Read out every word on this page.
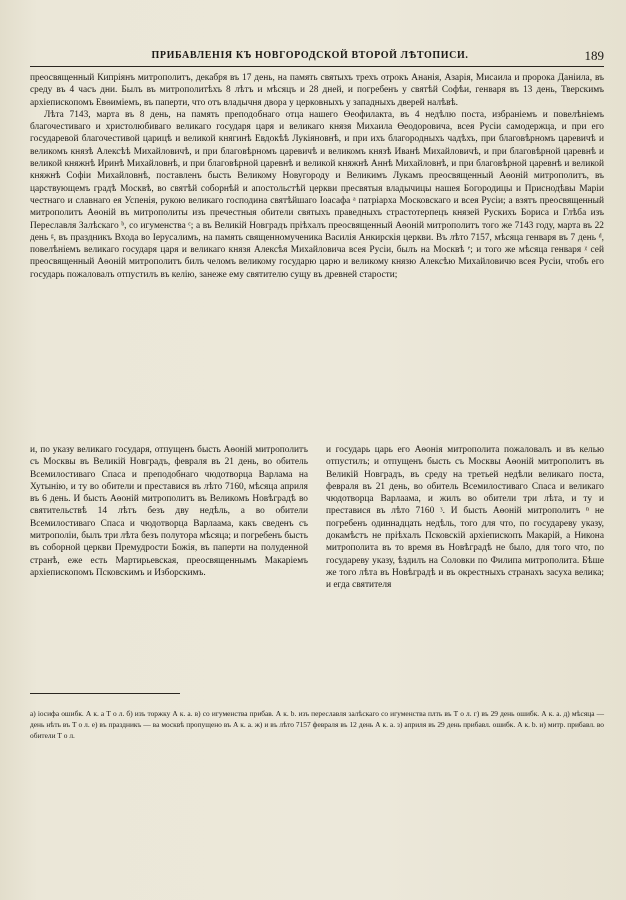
ПРИБАВЛЕНІЯ КЪ НОВГОРОДСКОЙ ВТОРОЙ ЛѢТОПИСИ.	189

преосвященный Кипріянъ митрополитъ, декабря въ 17 день, на память святыхъ трехъ отрокъ Ананія, Азарія, Мисаила и пророка Даніила, въ среду въ 4 часъ дни. Былъ въ митрополитѣхъ 8 лѣтъ и мѣсяцъ и 28 дней, и погребенъ у святѣй Софѣи, генваря въ 13 день, Тверскимъ архіепископомъ Евѳиміемъ, въ паперти, что отъ владычня двора у церковныхъ у западныхъ дверей налѣвѣ.

Лѣта 7143, марта въ 8 день, на память преподобнаго отца нашего Ѳеофилакта, въ 4 недѣлю поста, избраніемъ и повелѣніемъ благочестиваго и христолюбиваго великаго государя царя и великаго князя Михаила Ѳеодоровича, всея Русіи самодержца, и при его государевой благочестивой царицѣ и великой княгинѣ Евдокѣѣ Лукіяновнѣ, и при ихъ благородныхъ чадѣхъ, при благовѣрномъ царевичѣ и великомъ князѣ Алексѣѣ Михайловичѣ, и при благовѣрномъ царевичѣ и великомъ князѣ Иванѣ Михайловичѣ, и при благовѣрной царевнѣ и великой княжнѣ Иринѣ Михайловнѣ, и при благовѣрной царевнѣ и великой княжнѣ Аннѣ Михайловнѣ, и при благовѣрной царевнѣ и великой княжнѣ Софіи Михайловнѣ, поставленъ бысть Великому Новугороду и Великимъ Лукамъ преосвященный Аѳоній митрополитъ, въ царствующемъ градѣ Москвѣ, во святѣй соборнѣй и апостольстѣй церкви пресвятыя владычицы нашея Богородицы и Приснодѣвы Маріи честнаго и славнаго ея Успенія, рукою великаго господина святѣйшаго Іоасафа ᵃ патріарха Московскаго и всея Русіи; а взятъ преосвященный митрополитъ Аѳоній въ митрополиты изъ пречестныя обители святыхъ праведныхъ страстотерпецъ князей Рускихъ Бориса и Глѣба изъ Переславля Залѣскаго ᵇ, со игуменства ᶜ; а въ Великій Новградъ пріѣхалъ преосвященный Аѳоній митрополитъ того же 7143 году, марта въ 22 день ᵍ, въ праздникъ Входа во Іерусалимъ, на память священномученика Василія Анкирскія церкви. Въ лѣто 7157, мѣсяца генваря въ 7 день ᵈ, повелѣніемъ великаго государя царя и великаго князя Алексѣя Михайловича всея Русіи, былъ на Москвѣ ᵉ; и того же мѣсяца генваря ᵡ сей преосвященный Аѳоній митрополитъ билъ челомъ великому государю царю и великому князю Алексѣю Михайловичю всея Русіи, чтобъ его государь пожаловалъ отпустилъ въ келію, занеже ему святителю сущу въ древней старости;

и, по указу великаго государя, отпущенъ бысть Аѳоній митрополитъ съ Москвы въ Великій Новградъ, февраля въ 21 день, во обитель Всемилостиваго Спаса и преподобнаго чюдотворца Варлама на Хутынію, и ту во обители и преставися въ лѣто 7160, мѣсяца априля въ 6 день. И бысть Аѳоній митрополитъ въ Великомъ Новѣградѣ во святительствѣ 14 лѣтъ безъ дву недѣль, а во обители Всемилостиваго Спаса и чюдотворца Варлаама, какъ сведенъ съ митрополіи, былъ три лѣта безъ полутора мѣсяца; и погребенъ бысть въ соборной церкви Премудрости Божія, въ паперти на полуденной странѣ, еже есть Мартирьевская, преосвященнымъ Макаріемъ архіепископомъ Псковскимъ и Изборскимъ.

и государь царь его Аѳонія митрополита пожаловалъ и въ келью отпустилъ; и отпущенъ бысть съ Москвы Аѳоній митрополитъ въ Великій Новградъ, въ среду на третьей недѣли великаго поста, февраля въ 21 день, во обитель Всемилостиваго Спаса и великаго чюдотворца Варлаама, и жилъ во обители три лѣта, и ту и преставися въ лѣто 7160 ᶾ. И бысть Аѳоній митрополитъ ⁿ не погребенъ одиннадцать недѣль, того для что, по государеву указу, докамѣстъ не пріѣхалъ Псковскій архіепископъ Макарій, а Никона митрополита въ то время въ Новѣградѣ не было, для того что, по государеву указу, ѣздилъ на Соловки по Филипа митрополита. Бѣше же того лѣта въ Новѣградѣ и въ окрестныхъ странахъ засуха велика; и егда святителя

а) іосифа ошибк. А к. а Т о л. б) изъ торжку А к. а. в) со игуменства прибав. А к. b. изъ переславля залѣскаго со игуменства плть въ Т о л. г) въ 29 день ошибк. А к. а. д) мѣсяца — день нѣть въ Т о л. е) въ праздникъ — ва москвѣ пропущено въ А к. а. ж) и въ лѣто 7157 февраля въ 12 день А к. а. з) априля въ 29 день прибавл. ошибк. А к. b. и) митр. прибавл. во обители Т о л.
